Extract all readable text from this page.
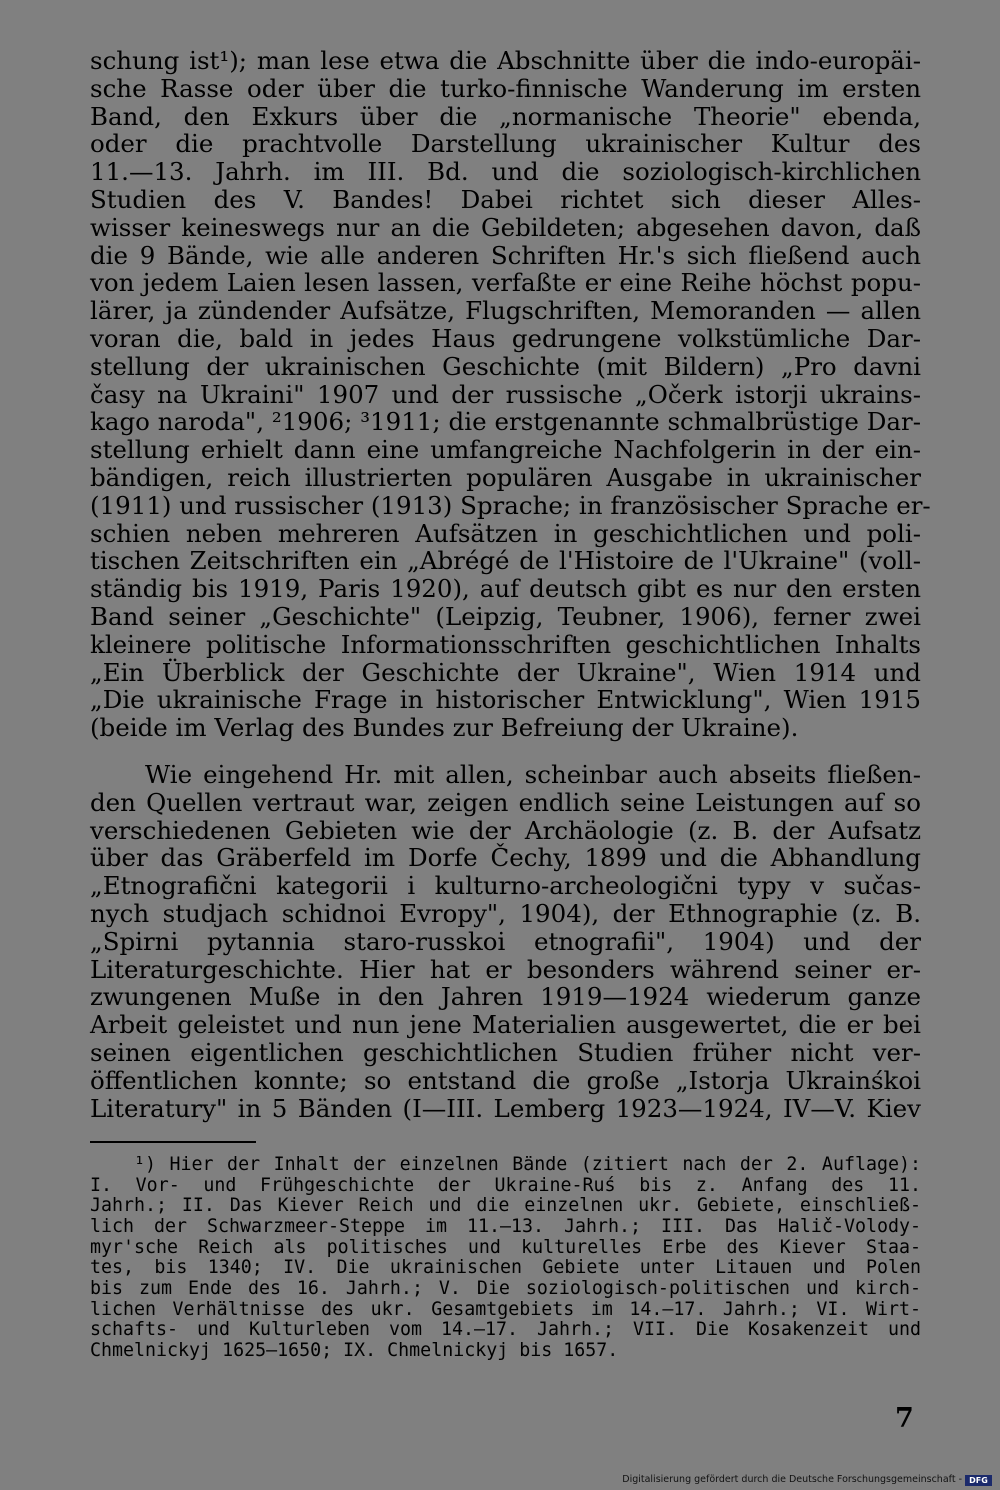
schung ist¹); man lese etwa die Abschnitte über die indo-europäi-
sche Rasse oder über die turko-finnische Wanderung im ersten
Band, den Exkurs über die „normanische Theorie" ebenda,
oder die prachtvolle Darstellung ukrainischer Kultur des
11.—13. Jahrh. im III. Bd. und die soziologisch-kirchlichen
Studien des V. Bandes! Dabei richtet sich dieser Alles-
wisser keineswegs nur an die Gebildeten; abgesehen davon, daß
die 9 Bände, wie alle anderen Schriften Hr.'s sich fließend auch
von jedem Laien lesen lassen, verfaßte er eine Reihe höchst popu-
lärer, ja zündender Aufsätze, Flugschriften, Memoranden — allen
voran die, bald in jedes Haus gedrungene volkstümliche Dar-
stellung der ukrainischen Geschichte (mit Bildern) „Pro davni
časy na Ukraini" 1907 und der russische „Očerk istorji ukrains-
kago naroda", ²1906; ³1911; die erstgenannte schmalbrüstige Dar-
stellung erhielt dann eine umfangreiche Nachfolgerin in der ein-
bändigen, reich illustrierten populären Ausgabe in ukrainischer
(1911) und russischer (1913) Sprache; in französischer Sprache er-
schien neben mehreren Aufsätzen in geschichtlichen und poli-
tischen Zeitschriften ein „Abrégé de l'Histoire de l'Ukraine" (voll-
ständig bis 1919, Paris 1920), auf deutsch gibt es nur den ersten
Band seiner „Geschichte" (Leipzig, Teubner, 1906), ferner zwei
kleinere politische Informationsschriften geschichtlichen Inhalts
„Ein Überblick der Geschichte der Ukraine", Wien 1914 und
„Die ukrainische Frage in historischer Entwicklung", Wien 1915
(beide im Verlag des Bundes zur Befreiung der Ukraine).
Wie eingehend Hr. mit allen, scheinbar auch abseits fließen-
den Quellen vertraut war, zeigen endlich seine Leistungen auf so
verschiedenen Gebieten wie der Archäologie (z. B. der Aufsatz
über das Gräberfeld im Dorfe Čechy, 1899 und die Abhandlung
„Etnografični kategorii i kulturno-archeologični typy v sučas-
nych studjach schidnoi Evropy", 1904), der Ethnographie (z. B.
„Spirni pytannia staro-russkoi etnografii", 1904) und der
Literaturgeschichte. Hier hat er besonders während seiner er-
zwungenen Muße in den Jahren 1919—1924 wiederum ganze
Arbeit geleistet und nun jene Materialien ausgewertet, die er bei
seinen eigentlichen geschichtlichen Studien früher nicht ver-
öffentlichen konnte; so entstand die große „Istorja Ukrainśkoi
Literatury" in 5 Bänden (I—III. Lemberg 1923—1924, IV—V. Kiev
¹) Hier der Inhalt der einzelnen Bände (zitiert nach der 2. Auflage):
I. Vor- und Frühgeschichte der Ukraine-Ruś bis z. Anfang des 11.
Jahrh.; II. Das Kiever Reich und die einzelnen ukr. Gebiete, einschließ-
lich der Schwarzmeer-Steppe im 11.—13. Jahrh.; III. Das Halič-Volody-
myr'sche Reich als politisches und kulturelles Erbe des Kiever Staa-
tes, bis 1340; IV. Die ukrainischen Gebiete unter Litauen und Polen
bis zum Ende des 16. Jahrh.; V. Die soziologisch-politischen und kirch-
lichen Verhältnisse des ukr. Gesamtgebiets im 14.—17. Jahrh.; VI. Wirt-
schafts- und Kulturleben vom 14.—17. Jahrh.; VII. Die Kosakenzeit und
Chmelnickyj 1625—1650; IX. Chmelnickyj bis 1657.
7
Digitalisierung gefördert durch die Deutsche Forschungsgemeinschaft - DFG
